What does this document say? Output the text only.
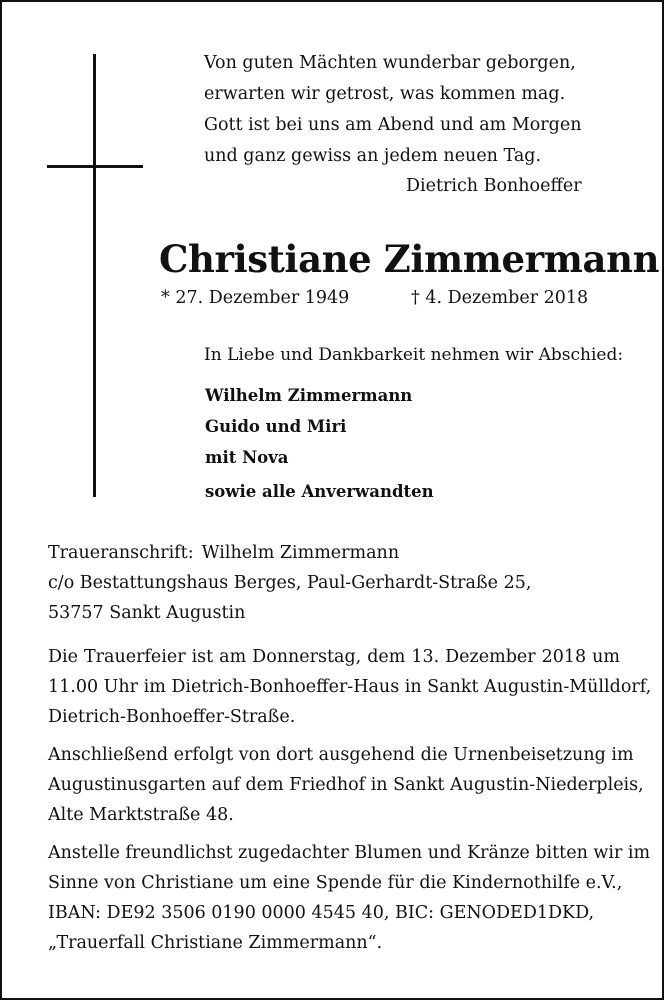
Von guten Mächten wunderbar geborgen,
erwarten wir getrost, was kommen mag.
Gott ist bei uns am Abend und am Morgen
und ganz gewiss an jedem neuen Tag.
Dietrich Bonhoeffer
Christiane Zimmermann
* 27. Dezember 1949	† 4. Dezember 2018
In Liebe und Dankbarkeit nehmen wir Abschied:
Wilhelm Zimmermann
Guido und Miri
mit Nova
sowie alle Anverwandten
Traueranschrift: Wilhelm Zimmermann
c/o Bestattungshaus Berges, Paul-Gerhardt-Straße 25,
53757 Sankt Augustin
Die Trauerfeier ist am Donnerstag, dem 13. Dezember 2018 um
11.00 Uhr im Dietrich-Bonhoeffer-Haus in Sankt Augustin-Mülldorf,
Dietrich-Bonhoeffer-Straße.
Anschließend erfolgt von dort ausgehend die Urnenbeisetzung im
Augustinusgarten auf dem Friedhof in Sankt Augustin-Niederpleis,
Alte Marktstraße 48.
Anstelle freundlichst zugedachter Blumen und Kränze bitten wir im
Sinne von Christiane um eine Spende für die Kindernothilfe e.V.,
IBAN: DE92 3506 0190 0000 4545 40, BIC: GENODED1DKD,
„Trauerfall Christiane Zimmermann“.
